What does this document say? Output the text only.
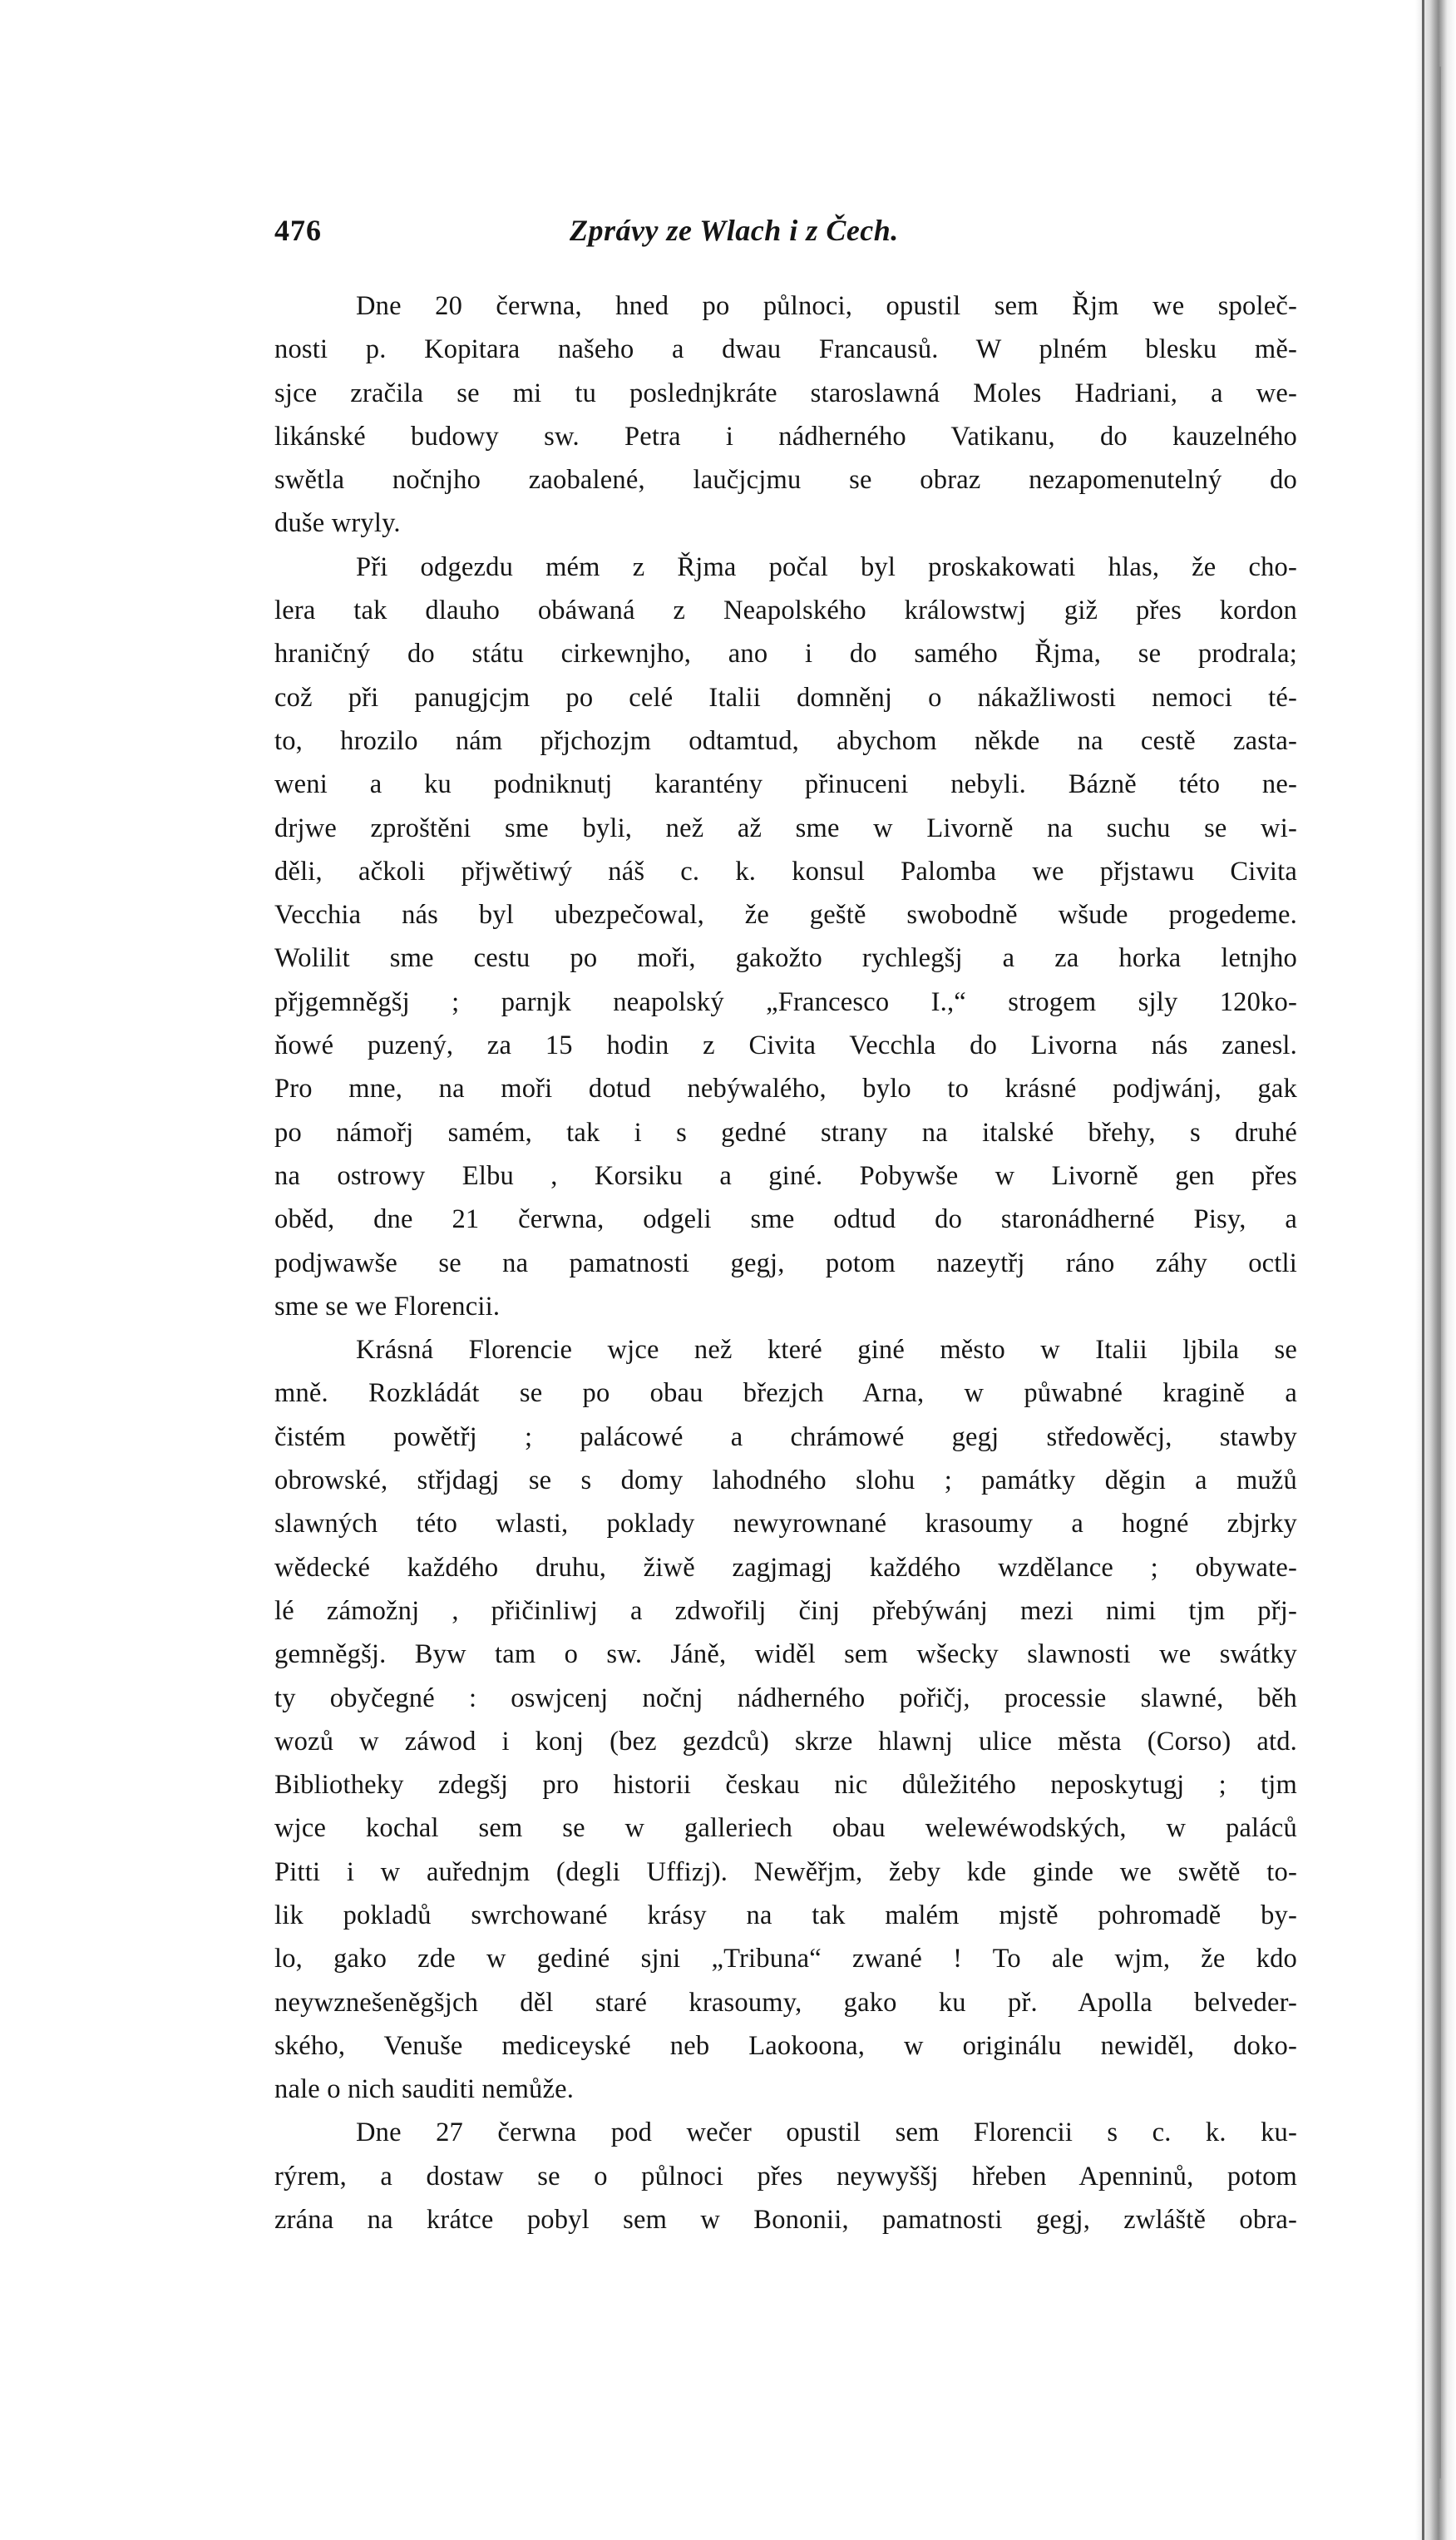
476	Zprávy ze Wlach i z Čech.
Dne 20 čerwna, hned po půlnoci, opustil sem Řjm we společ-
nosti p. Kopitara našeho a dwau Francausů. W plném blesku mě-
sjce zračila se mi tu poslednjkráte staroslawná Moles Hadriani, a we-
likánské budowy sw. Petra i nádherného Vatikanu, do kauzelného
swětla nočnjho zaobalené, laučjcjmu se obraz nezapomenutelný do
duše wryly.
Při odgezdu mém z Řjma počal byl proskakowati hlas, že cho-
lera tak dlauho obáwaná z Neapolského králowstwj giž přes kordon
hraničný do státu cirkewnjho, ano i do samého Řjma, se prodrala;
což při panugjcjm po celé Italii domněnj o nákažliwosti nemoci té-
to, hrozilo nám přjchozjm odtamtud, abychom někde na cestě zasta-
weni a ku podniknutj karantény přinuceni nebyli. Bázně této ne-
drjwe zproštěni sme byli, než až sme w Livorně na suchu se wi-
děli, ačkoli přjwětiwý náš c. k. konsul Palomba we přjstawu Civita
Vecchia nás byl ubezpečowal, že geště swobodně wšude progedeme.
Wolilit sme cestu po moři, gakožto rychlegšj a za horka letnjho
přjgemněgšj ; parnjk neapolský „Francesco I.,“ strogem sjly 120ko-
ňowé puzený, za 15 hodin z Civita Vecchla do Livorna nás zanesl.
Pro mne, na moři dotud nebýwalého, bylo to krásné podjwánj, gak
po námořj samém, tak i s gedné strany na italské břehy, s druhé
na ostrowy Elbu , Korsiku a giné. Pobywše w Livorně gen přes
oběd, dne 21 čerwna, odgeli sme odtud do staronádherné Pisy, a
podjwawše se na pamatnosti gegj, potom nazeytřj ráno záhy octli
sme se we Florencii.
Krásná Florencie wjce než které giné město w Italii ljbila se
mně. Rozkládát se po obau březjch Arna, w půwabné kragině a
čistém powětřj ; palácowé a chrámowé gegj středowěcj, stawby
obrowské, střjdagj se s domy lahodného slohu ; památky děgin a mužů
slawných této wlasti, poklady newyrownané krasoumy a hogné zbjrky
wědecké každého druhu, žiwě zagjmagj každého wzdělance ; obywate-
lé zámožnj , přičinliwj a zdwořilj činj přebýwánj mezi nimi tjm přj-
gemněgšj. Byw tam o sw. Jáně, widěl sem wšecky slawnosti we swátky
ty obyčegné : oswjcenj nočnj nádherného pořičj, processie slawné, běh
wozů w záwod i konj (bez gezdců) skrze hlawnj ulice města (Corso) atd.
Bibliotheky zdegšj pro historii českau nic důležitého neposkytugj ; tjm
wjce kochal sem se w galleriech obau welewéwodských, w paláců
Pitti i w auřednjm (degli Uffizj). Newěřjm, žeby kde ginde we swětě to-
lik pokladů swrchowané krásy na tak malém mjstě pohromadě by-
lo, gako zde w gediné sjni „Tribuna“ zwané ! To ale wjm, že kdo
neywznešeněgšjch děl staré krasoumy, gako ku př. Apolla belveder-
ského, Venuše mediceyské neb Laokoona, w originálu newiděl, doko-
nale o nich sauditi nemůže.
Dne 27 čerwna pod wečer opustil sem Florencii s c. k. ku-
rýrem, a dostaw se o půlnoci přes neywyššj hřeben Apenninů, potom
zrána na krátce pobyl sem w Bononii, pamatnosti gegj, zwláště obra-
